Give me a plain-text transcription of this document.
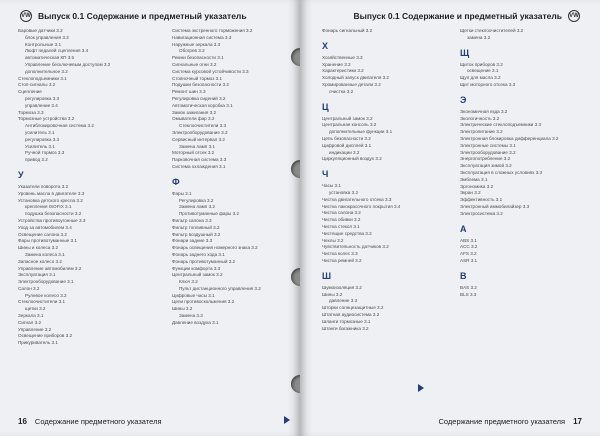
VW Выпуск 0.1 Содержание и предметный указатель
Баровые датчики 3.2
блок управления 3.3
Контрольные 3.1
Люфт педалей сцепления 3.4
автоматическая КП 3.5
Управление бесключевым доступом 3.2
дополнительное 3.2
Стеклоподъемники 3.1
Стоп-сигналы 3.2
Сцепление
регулировка 3.3
управление 3.4
Тормоза 3.3
Тормозные устройства 3.2
Антиблокировочная система 3.2
усилитель 3.1
регулировка 3.3
Усилитель 3.1
Ручной тормоз 3.3
привод 3.2
У
Указатели поворота 3.2
Уровень масла в двигателе 3.3
Установка детского кресла 3.2
крепления ISOFIX 3.1
подушка безопасности 3.2
Устройства противоугонные 3.3
Уход за автомобилем 3.4
Освещение салона 3.2
Фары противотуманные 3.1
Шины и колеса 3.2
Замена колеса 3.1
Запасное колесо 3.2
Управление автомобилем 3.2
Эксплуатация 3.1
Электрооборудование 3.1
Салон 3.2
Рулевое колесо 3.2
Стеклоочистители 3.1
щетки 3.2
Зеркала 3.1
Сигнал 3.2
Управление 3.2
Освещение приборов 3.2
Прикуриватель 3.1
Система экстренного торможения 3.2
Навигационная система 3.3
Наружные зеркала 3.3
Обогрев 3.2
Ремни безопасности 3.1
Сигнальные огни 3.2
Система курсовой устойчивости 3.3
Стояночный тормоз 3.1
Подушки безопасности 3.2
Ремонт шин 3.3
Регулировка сидений 3.2
Автоматическая коробка 3.1
Замок зажигания 3.2
Омыватели фар 3.2
Стеклоочистители 3.3
Электрооборудование 3.2
Сервисный интервал 3.2
Замена ламп 3.1
Моторный отсек 3.2
Парковочная система 3.3
Система охлаждения 3.1
Ф
Фары 3.1
Регулировка 3.2
Замена ламп 3.2
Противотуманные фары 3.2
Фильтр салона 3.3
Фильтр топливный 3.2
Фильтр воздушный 3.2
Фонари задние 3.3
Фонарь освещения номерного знака 3.2
Фонарь заднего хода 3.1
Фонарь противотуманный 3.2
Функции комфорта 3.3
Центральный замок 3.2
Ключ 3.2
Пульт дистанционного управления 3.2
Цифровые часы 3.1
Цепи противоскольжения 3.2
Шины 3.2
Замена 3.3
Давление воздуха 3.1
16 Содержание предметного указателя
Выпуск 0.1 Содержание и предметный указатель VW
Фонарь сигнальный 3.2
Х
Хозяйственные 3.3
Хранение 3.3
Характеристики 3.2
Холодный запуск двигателя 3.2
Хромированные детали 3.2
очистка 3.2
Ц
Центральный замок 3.2
Центральная консоль 3.2
дополнительные функции 3.1
Цепь безопасности 3.2
Цифровой дисплей 3.1
индикации 3.2
Циркуляционный воздух 3.2
Ч
Часы 3.1
установка 3.2
Чистка двигательного отсека 3.3
Чистка лакокрасочного покрытия 3.4
Чистка салона 3.2
Чистка обивки 3.2
Чистка стекол 3.1
Чистящие средства 3.2
Чехлы 3.2
Чувствительность датчиков 3.2
Чистка колес 3.3
Чистка ремней 3.2
Ш
Шумоизоляция 3.2
Шины 3.2
давление 3.3
Шторки солнцезащитные 3.2
Штатная аудиосистема 3.2
Шланги тормозные 3.1
Штанги багажника 3.2
Щетки стеклоочистителей 3.2
замена 3.2
Щ
Щиток приборов 3.2
освещение 3.1
Щуп для масла 3.2
Щит моторного отсека 3.3
Э
Экономичная езда 3.2
Экологичность 3.2
Электрические стеклоподъемники 3.3
Электропитание 3.2
Электронная блокировка дифференциала 3.2
Электронные системы 3.1
Электрооборудование 3.2
Энергопотребление 3.2
Эксплуатация зимой 3.2
Эксплуатация в сложных условиях 3.3
Эмблема 3.1
Эргономика 3.2
Экран 3.2
Эффективность 3.1
Электронный иммобилайзер 3.3
Электросистема 3.2
A
ABS 3.1
ACC 3.2
AFS 3.2
ASR 3.1
B
BAS 3.2
BLS 3.3
Содержание предметного указателя 17
